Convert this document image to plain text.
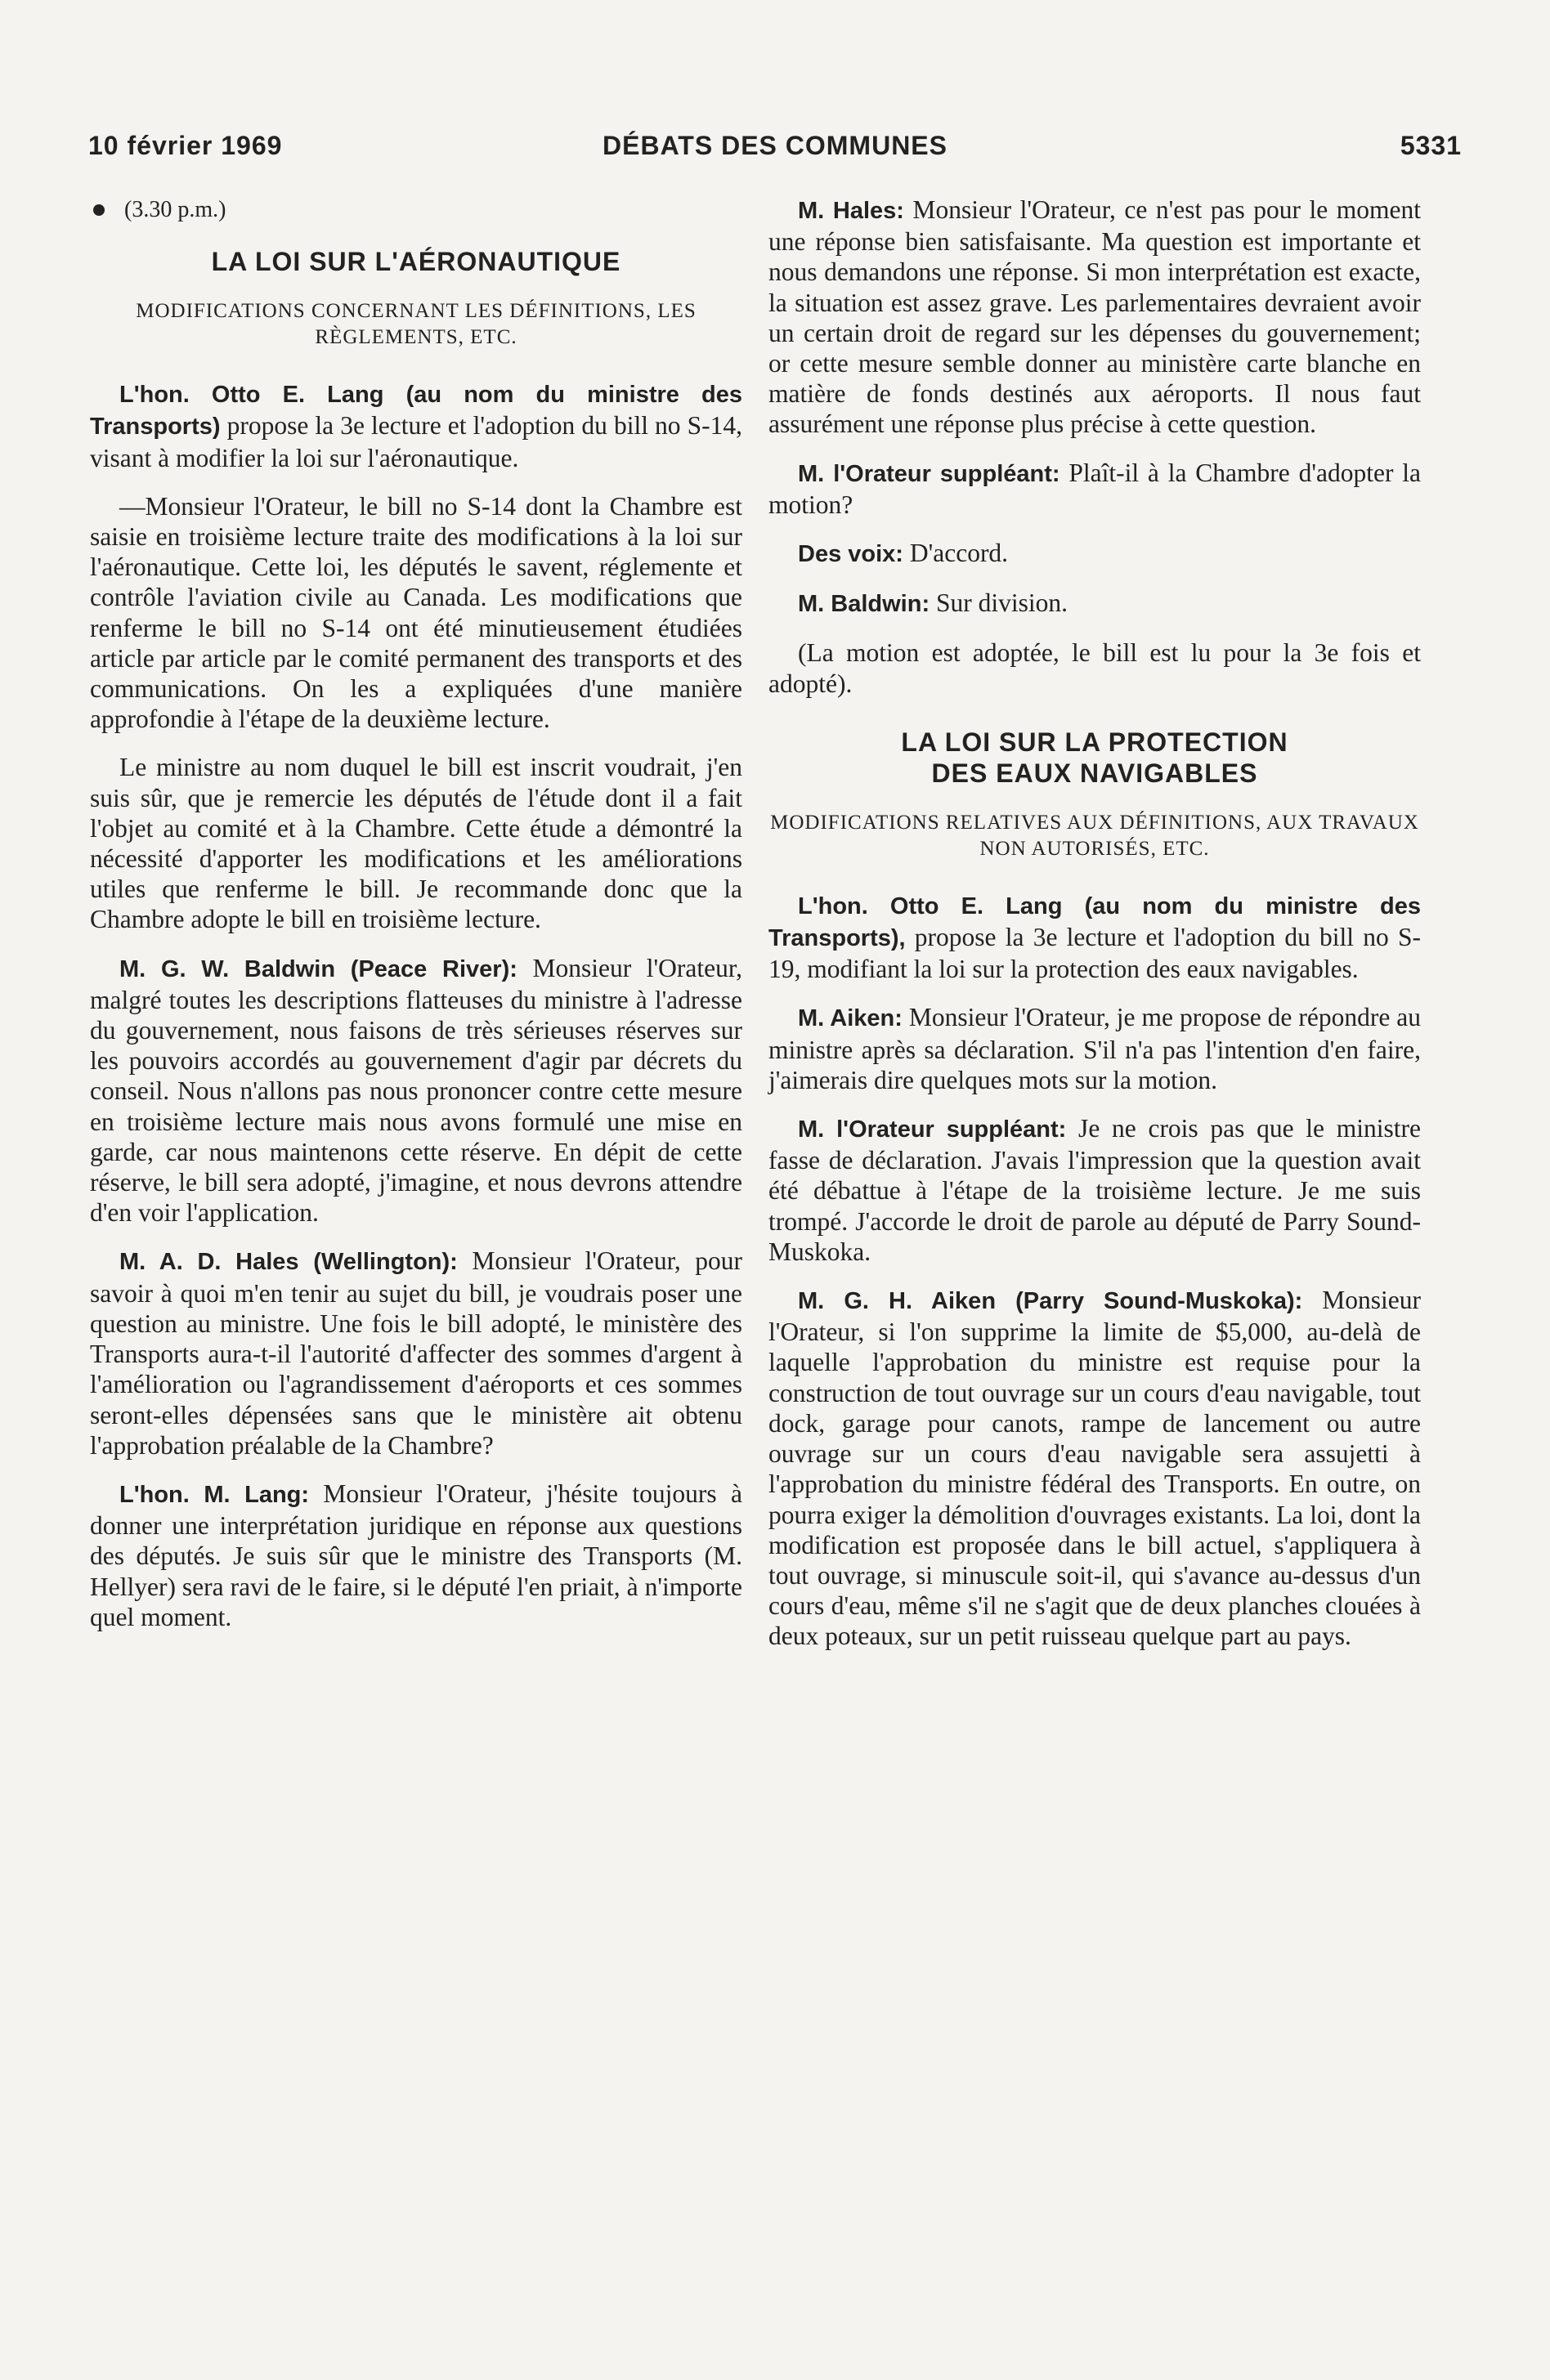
10 février 1969	DÉBATS DES COMMUNES	5331
(3.30 p.m.)
LA LOI SUR L'AÉRONAUTIQUE
MODIFICATIONS CONCERNANT LES DÉFINITIONS, LES RÈGLEMENTS, ETC.

L'hon. Otto E. Lang (au nom du ministre des Transports) propose la 3e lecture et l'adoption du bill no S-14, visant à modifier la loi sur l'aéronautique.

—Monsieur l'Orateur, le bill no S-14 dont la Chambre est saisie en troisième lecture traite des modifications à la loi sur l'aéronautique. Cette loi, les députés le savent, réglemente et contrôle l'aviation civile au Canada. Les modifications que renferme le bill no S-14 ont été minutieusement étudiées article par article par le comité permanent des transports et des communications. On les a expliquées d'une manière approfondie à l'étape de la deuxième lecture.

Le ministre au nom duquel le bill est inscrit voudrait, j'en suis sûr, que je remercie les députés de l'étude dont il a fait l'objet au comité et à la Chambre. Cette étude a démontré la nécessité d'apporter les modifications et les améliorations utiles que renferme le bill. Je recommande donc que la Chambre adopte le bill en troisième lecture.

M. G. W. Baldwin (Peace River): Monsieur l'Orateur, malgré toutes les descriptions flatteuses du ministre à l'adresse du gouvernement, nous faisons de très sérieuses réserves sur les pouvoirs accordés au gouvernement d'agir par décrets du conseil. Nous n'allons pas nous prononcer contre cette mesure en troisième lecture mais nous avons formulé une mise en garde, car nous maintenons cette réserve. En dépit de cette réserve, le bill sera adopté, j'imagine, et nous devrons attendre d'en voir l'application.

M. A. D. Hales (Wellington): Monsieur l'Orateur, pour savoir à quoi m'en tenir au sujet du bill, je voudrais poser une question au ministre. Une fois le bill adopté, le ministère des Transports aura-t-il l'autorité d'affecter des sommes d'argent à l'amélioration ou l'agrandissement d'aéroports et ces sommes seront-elles dépensées sans que le ministère ait obtenu l'approbation préalable de la Chambre?

L'hon. M. Lang: Monsieur l'Orateur, j'hésite toujours à donner une interprétation juridique en réponse aux questions des députés. Je suis sûr que le ministre des Transports (M. Hellyer) sera ravi de le faire, si le député l'en priait, à n'importe quel moment.

M. Hales: Monsieur l'Orateur, ce n'est pas pour le moment une réponse bien satisfaisante. Ma question est importante et nous demandons une réponse. Si mon interprétation est exacte, la situation est assez grave. Les parlementaires devraient avoir un certain droit de regard sur les dépenses du gouvernement; or cette mesure semble donner au ministère carte blanche en matière de fonds destinés aux aéroports. Il nous faut assurément une réponse plus précise à cette question.

M. l'Orateur suppléant: Plaît-il à la Chambre d'adopter la motion?

Des voix: D'accord.

M. Baldwin: Sur division.

(La motion est adoptée, le bill est lu pour la 3e fois et adopté).

LA LOI SUR LA PROTECTION DES EAUX NAVIGABLES
MODIFICATIONS RELATIVES AUX DÉFINITIONS, AUX TRAVAUX NON AUTORISÉS, ETC.

L'hon. Otto E. Lang (au nom du ministre des Transports), propose la 3e lecture et l'adoption du bill no S-19, modifiant la loi sur la protection des eaux navigables.

M. Aiken: Monsieur l'Orateur, je me propose de répondre au ministre après sa déclaration. S'il n'a pas l'intention d'en faire, j'aimerais dire quelques mots sur la motion.

M. l'Orateur suppléant: Je ne crois pas que le ministre fasse de déclaration. J'avais l'impression que la question avait été débattue à l'étape de la troisième lecture. Je me suis trompé. J'accorde le droit de parole au député de Parry Sound-Muskoka.

M. G. H. Aiken (Parry Sound-Muskoka): Monsieur l'Orateur, si l'on supprime la limite de $5,000, au-delà de laquelle l'approbation du ministre est requise pour la construction de tout ouvrage sur un cours d'eau navigable, tout dock, garage pour canots, rampe de lancement ou autre ouvrage sur un cours d'eau navigable sera assujetti à l'approbation du ministre fédéral des Transports. En outre, on pourra exiger la démolition d'ouvrages existants. La loi, dont la modification est proposée dans le bill actuel, s'appliquera à tout ouvrage, si minuscule soit-il, qui s'avance au-dessus d'un cours d'eau, même s'il ne s'agit que de deux planches clouées à deux poteaux, sur un petit ruisseau quelque part au pays.
